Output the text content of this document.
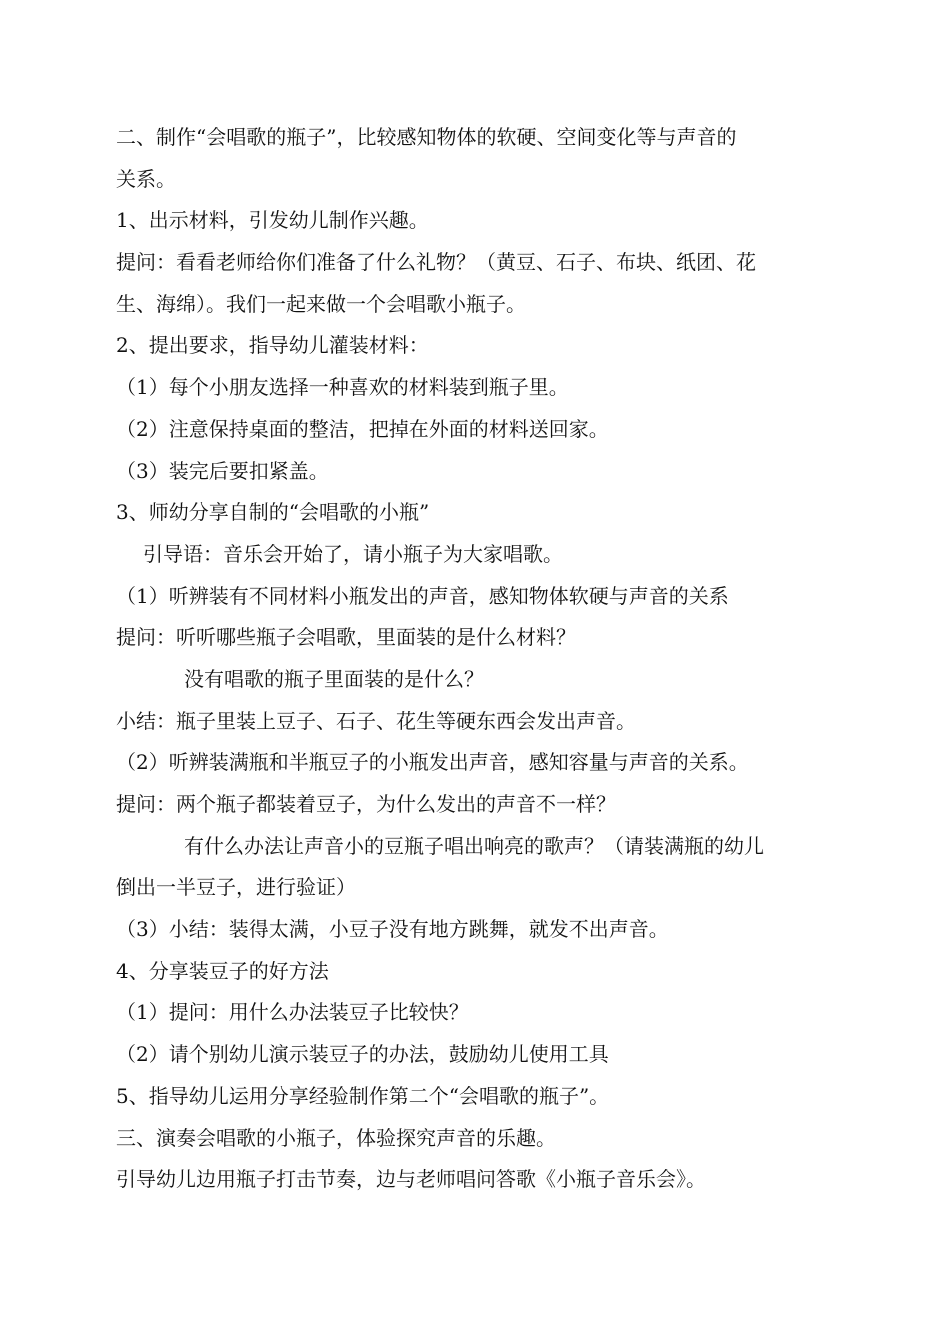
二、制作“会唱歌的瓶子”，比较感知物体的软硬、空间变化等与声音的
关系。
1、出示材料，引发幼儿制作兴趣。
提问：看看老师给你们准备了什么礼物？（黄豆、石子、布块、纸团、花
生、海绵）。我们一起来做一个会唱歌小瓶子。
2、提出要求，指导幼儿灌装材料：
（1）每个小朋友选择一种喜欢的材料装到瓶子里。
（2）注意保持桌面的整洁，把掉在外面的材料送回家。
（3）装完后要扣紧盖。
3、师幼分享自制的“会唱歌的小瓶”
引导语：音乐会开始了，请小瓶子为大家唱歌。
（1）听辨装有不同材料小瓶发出的声音，感知物体软硬与声音的关系
提问：听听哪些瓶子会唱歌，里面装的是什么材料？
没有唱歌的瓶子里面装的是什么？
小结：瓶子里装上豆子、石子、花生等硬东西会发出声音。
（2）听辨装满瓶和半瓶豆子的小瓶发出声音，感知容量与声音的关系。
提问：两个瓶子都装着豆子，为什么发出的声音不一样？
有什么办法让声音小的豆瓶子唱出响亮的歌声？（请装满瓶的幼儿
倒出一半豆子，进行验证）
（3）小结：装得太满，小豆子没有地方跳舞，就发不出声音。
4、分享装豆子的好方法
（1）提问：用什么办法装豆子比较快？
（2）请个别幼儿演示装豆子的办法，鼓励幼儿使用工具
5、指导幼儿运用分享经验制作第二个“会唱歌的瓶子”。
三、演奏会唱歌的小瓶子，体验探究声音的乐趣。
引导幼儿边用瓶子打击节奏，边与老师唱问答歌《小瓶子音乐会》。
